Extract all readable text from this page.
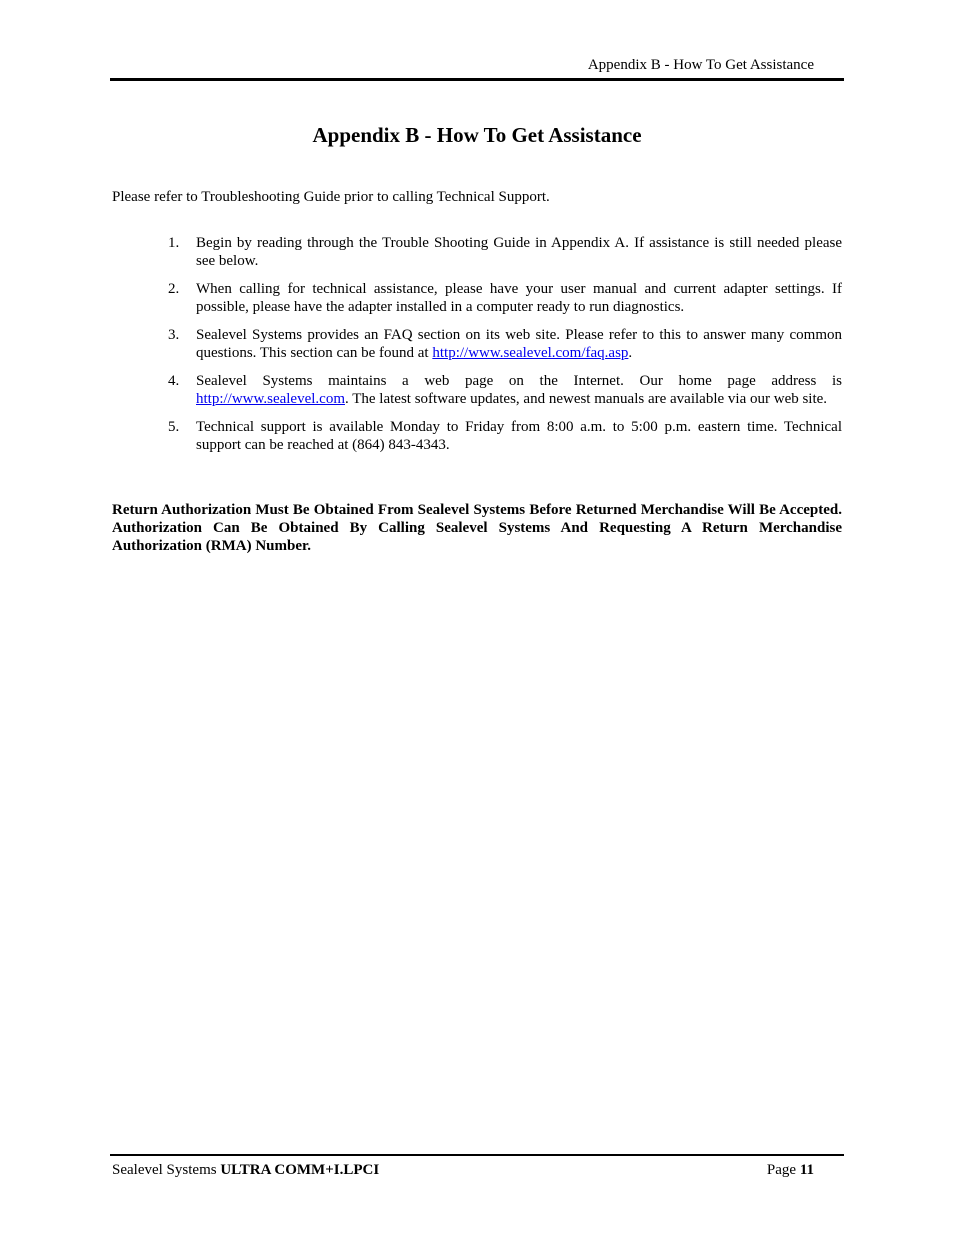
Appendix B - How To Get Assistance
Appendix B - How To Get Assistance

Please refer to Troubleshooting Guide prior to calling Technical Support.

1. Begin by reading through the Trouble Shooting Guide in Appendix A. If assistance is still needed please see below.
2. When calling for technical assistance, please have your user manual and current adapter settings. If possible, please have the adapter installed in a computer ready to run diagnostics.
3. Sealevel Systems provides an FAQ section on its web site. Please refer to this to answer many common questions. This section can be found at http://www.sealevel.com/faq.asp.
4. Sealevel Systems maintains a web page on the Internet. Our home page address is http://www.sealevel.com. The latest software updates, and newest manuals are available via our web site.
5. Technical support is available Monday to Friday from 8:00 a.m. to 5:00 p.m. eastern time. Technical support can be reached at (864) 843-4343.

Return Authorization Must Be Obtained From Sealevel Systems Before Returned Merchandise Will Be Accepted. Authorization Can Be Obtained By Calling Sealevel Systems And Requesting A Return Merchandise Authorization (RMA) Number.

Sealevel Systems ULTRA COMM+I.LPCI	Page 11
